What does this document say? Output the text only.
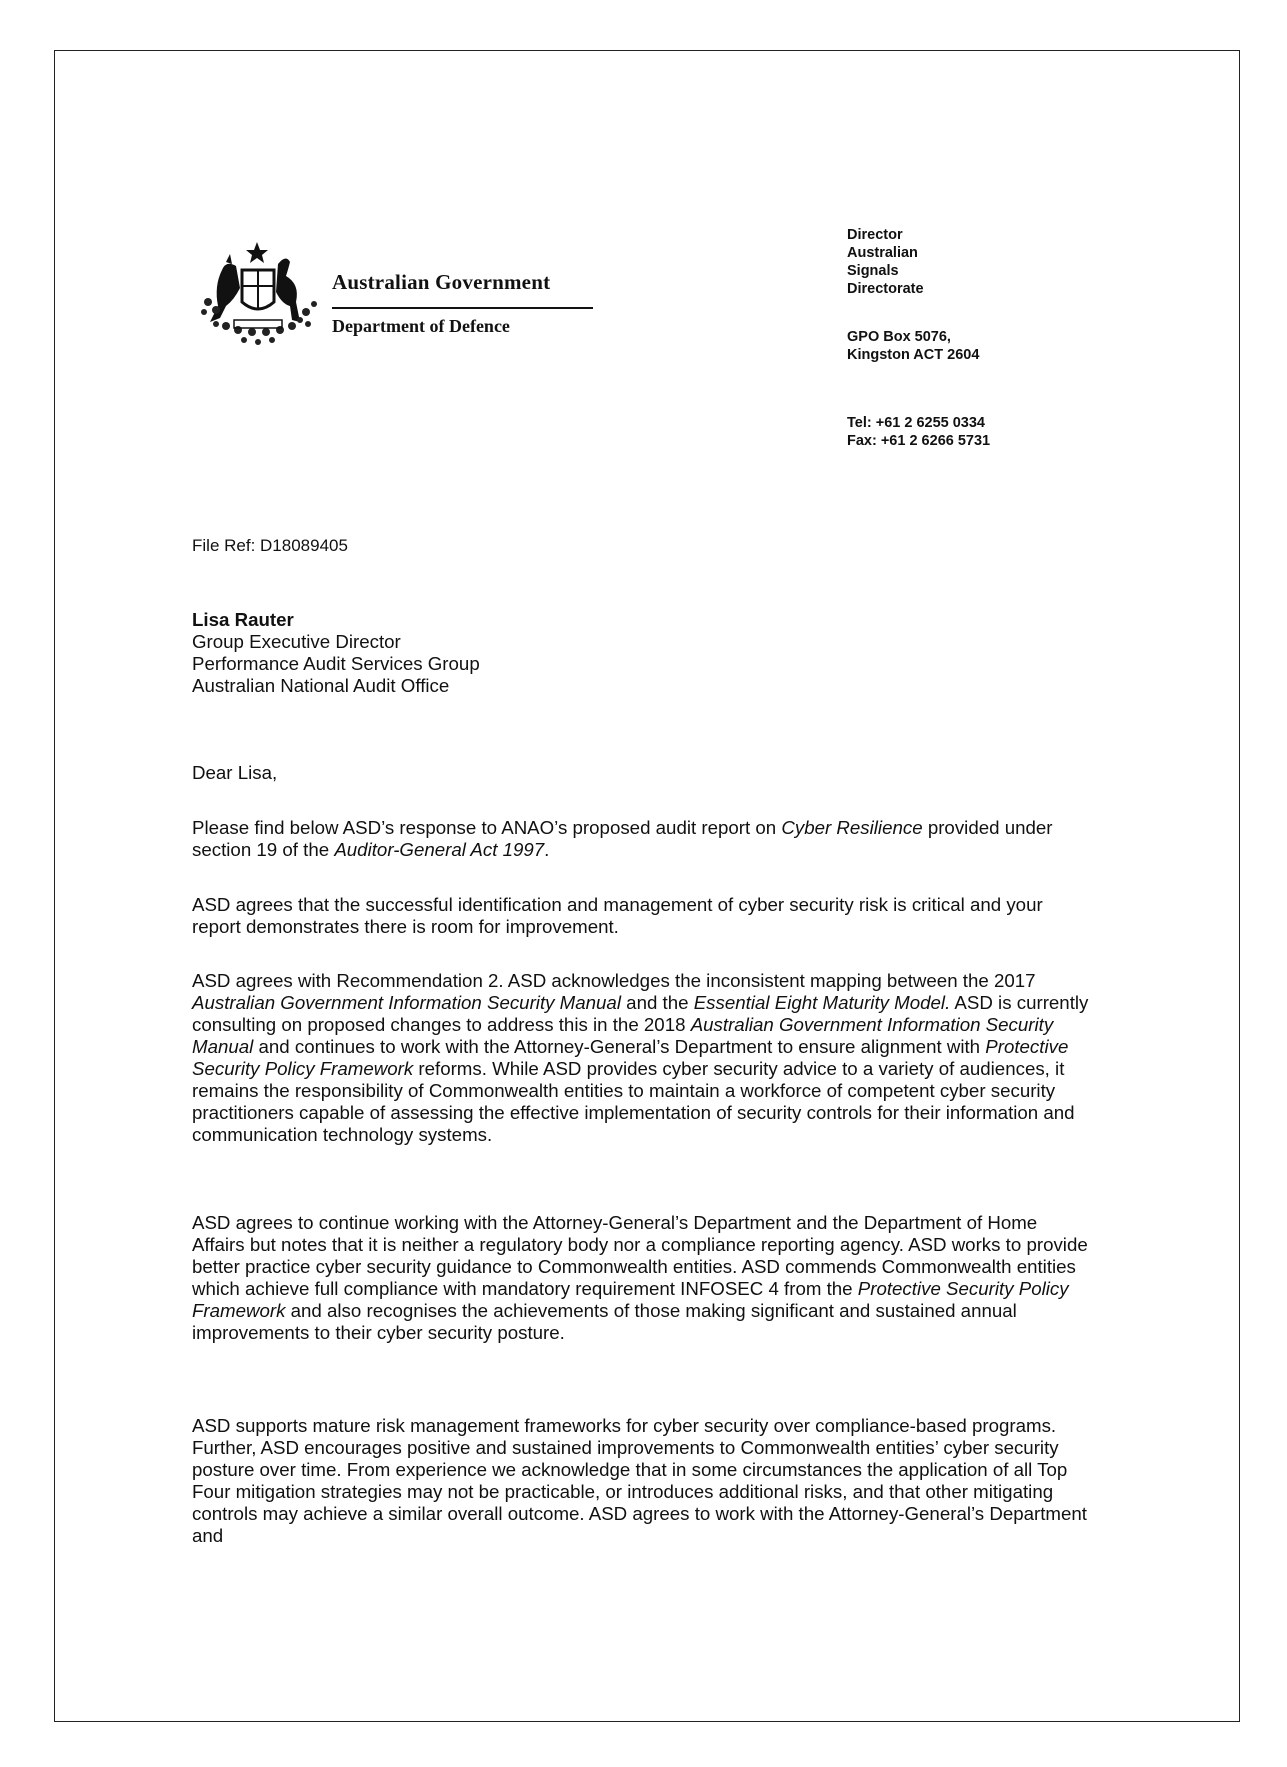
Australian Government
Department of Defence
Director
Australian
Signals
Directorate
GPO Box 5076,
Kingston ACT 2604
Tel: +61 2 6255 0334
Fax: +61 2 6266 5731
File Ref: D18089405
Lisa Rauter
Group Executive Director
Performance Audit Services Group
Australian National Audit Office
Dear Lisa,

Please find below ASD’s response to ANAO’s proposed audit report on Cyber Resilience provided under section 19 of the Auditor-General Act 1997.

ASD agrees that the successful identification and management of cyber security risk is critical and your report demonstrates there is room for improvement.

ASD agrees with Recommendation 2. ASD acknowledges the inconsistent mapping between the 2017 Australian Government Information Security Manual and the Essential Eight Maturity Model. ASD is currently consulting on proposed changes to address this in the 2018 Australian Government Information Security Manual and continues to work with the Attorney-General’s Department to ensure alignment with Protective Security Policy Framework reforms. While ASD provides cyber security advice to a variety of audiences, it remains the responsibility of Commonwealth entities to maintain a workforce of competent cyber security practitioners capable of assessing the effective implementation of security controls for their information and communication technology systems.

ASD agrees to continue working with the Attorney-General’s Department and the Department of Home Affairs but notes that it is neither a regulatory body nor a compliance reporting agency. ASD works to provide better practice cyber security guidance to Commonwealth entities. ASD commends Commonwealth entities which achieve full compliance with mandatory requirement INFOSEC 4 from the Protective Security Policy Framework and also recognises the achievements of those making significant and sustained annual improvements to their cyber security posture.

ASD supports mature risk management frameworks for cyber security over compliance-based programs. Further, ASD encourages positive and sustained improvements to Commonwealth entities’ cyber security posture over time. From experience we acknowledge that in some circumstances the application of all Top Four mitigation strategies may not be practicable, or introduces additional risks, and that other mitigating controls may achieve a similar overall outcome. ASD agrees to work with the Attorney-General’s Department and
